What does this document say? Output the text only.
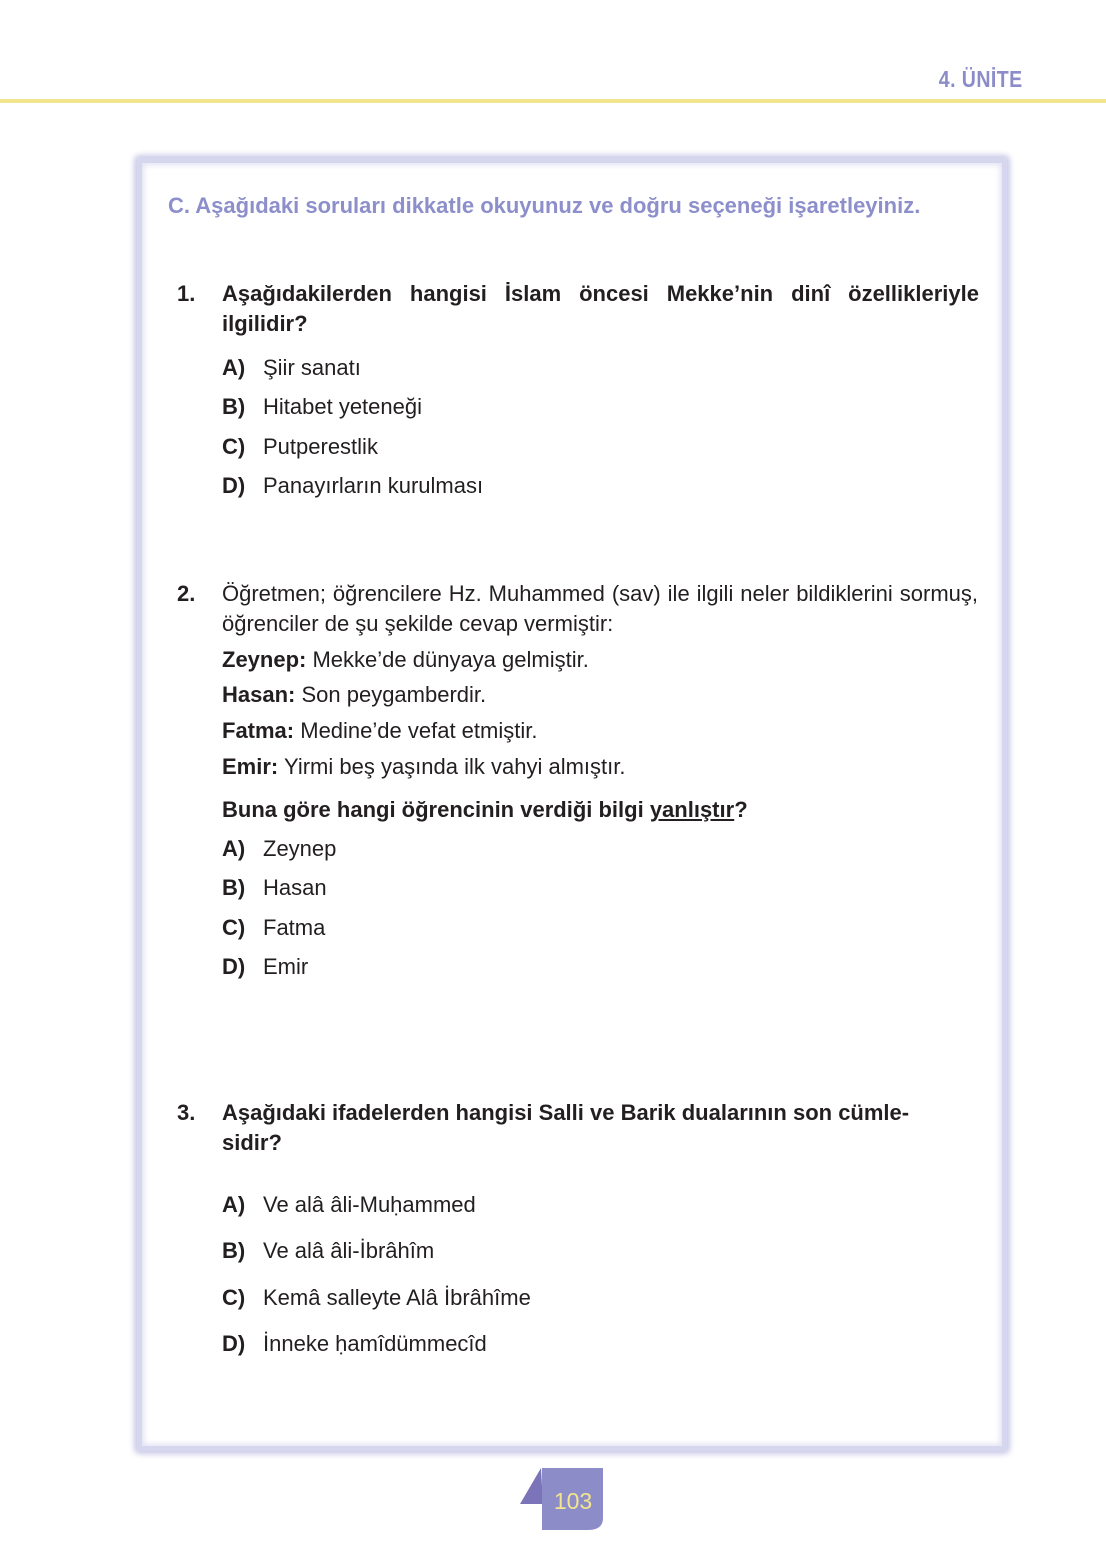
4. ÜNİTE
C. Aşağıdaki soruları dikkatle okuyunuz ve doğru seçeneği işaretleyiniz.
1. Aşağıdakilerden hangisi İslam öncesi Mekke’nin dinî özellikleriyle ilgilidir?
A) Şiir sanatı
B) Hitabet yeteneği
C) Putperestlik
D) Panayırların kurulması
2. Öğretmen; öğrencilere Hz. Muhammed (sav) ile ilgili neler bildiklerini sormuş, öğrenciler de şu şekilde cevap vermiştir:
Zeynep: Mekke’de dünyaya gelmiştir.
Hasan: Son peygamberdir.
Fatma: Medine’de vefat etmiştir.
Emir: Yirmi beş yaşında ilk vahyi almıştır.
Buna göre hangi öğrencinin verdiği bilgi yanlıştır?
A) Zeynep
B) Hasan
C) Fatma
D) Emir
3. Aşağıdaki ifadelerden hangisi Salli ve Barik dualarının son cümle-sidir?
A) Ve alâ âli-Muḥammed
B) Ve alâ âli-İbrâhîm
C) Kemâ salleyte Alâ İbrâhîme
D) İnneke ḥamîdümmecîd
103
